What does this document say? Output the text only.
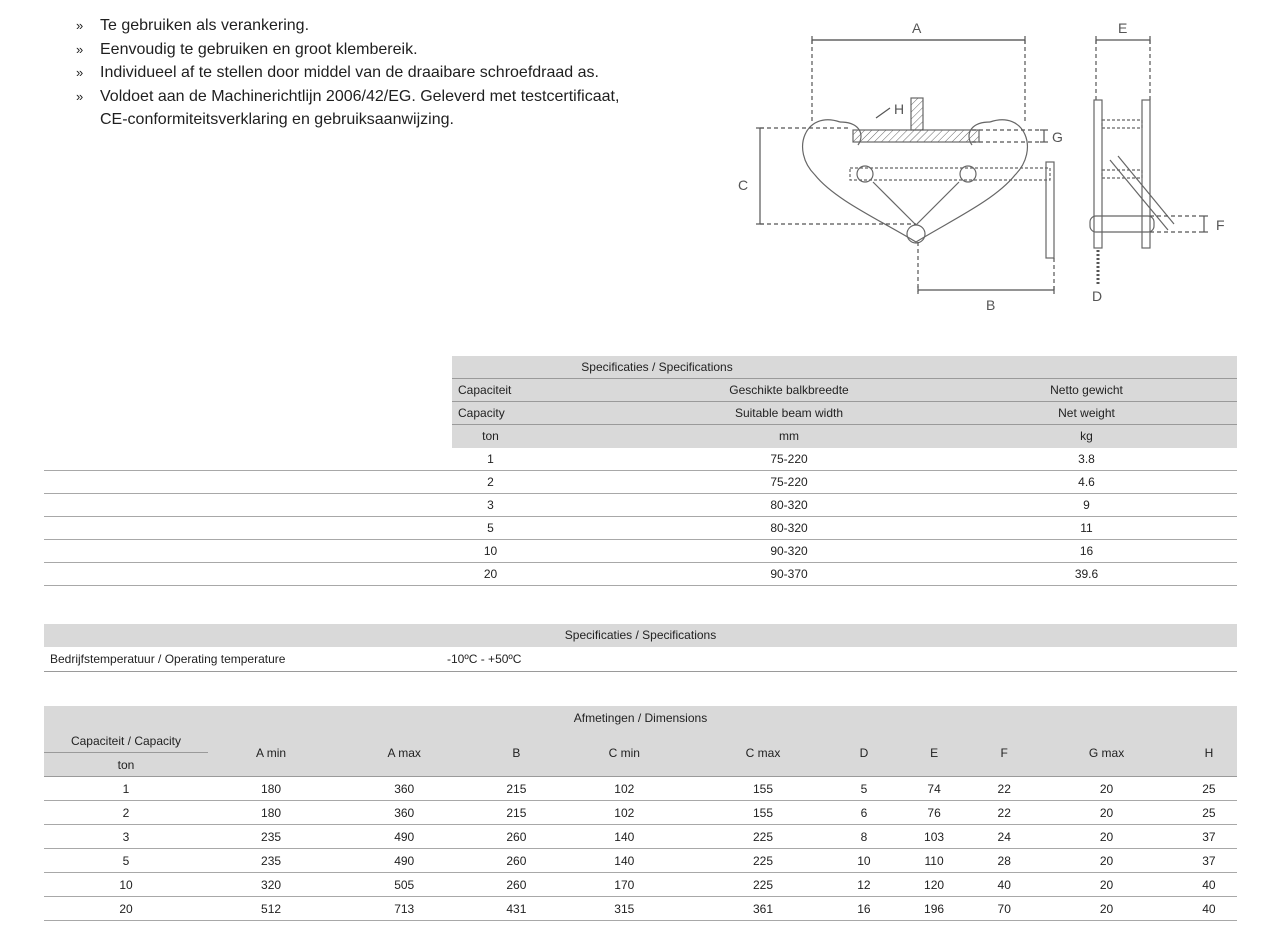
» Te gebruiken als verankering.
» Eenvoudig te gebruiken en groot klembereik.
» Individueel af te stellen door middel van de draaibare schroefdraad as.
» Voldoet aan de Machinerichtlijn 2006/42/EG. Geleverd met testcertificaat,
CE-conformiteitsverklaring en gebruiksaanwijzing.
A
H
G
C
B
E
D
F
Specificaties / Specifications
Capaciteit	Geschikte balkbreedte	Netto gewicht
Capacity	Suitable beam width	Net weight
ton	mm	kg
1	75-220	3.8
2	75-220	4.6
3	80-320	9
5	80-320	11
10	90-320	16
20	90-370	39.6
Specificaties / Specifications
Bedrijfstemperatuur / Operating temperature	-10ºC - +50ºC
Afmetingen / Dimensions										
Capaciteit / Capacity	A min	A max	B	C min	C max	D	E	F	G max	H
ton										
1	180	360	215	102	155	5	74	22	20	25
2	180	360	215	102	155	6	76	22	20	25
3	235	490	260	140	225	8	103	24	20	37
5	235	490	260	140	225	10	110	28	20	37
10	320	505	260	170	225	12	120	40	20	40
20	512	713	431	315	361	16	196	70	20	40
